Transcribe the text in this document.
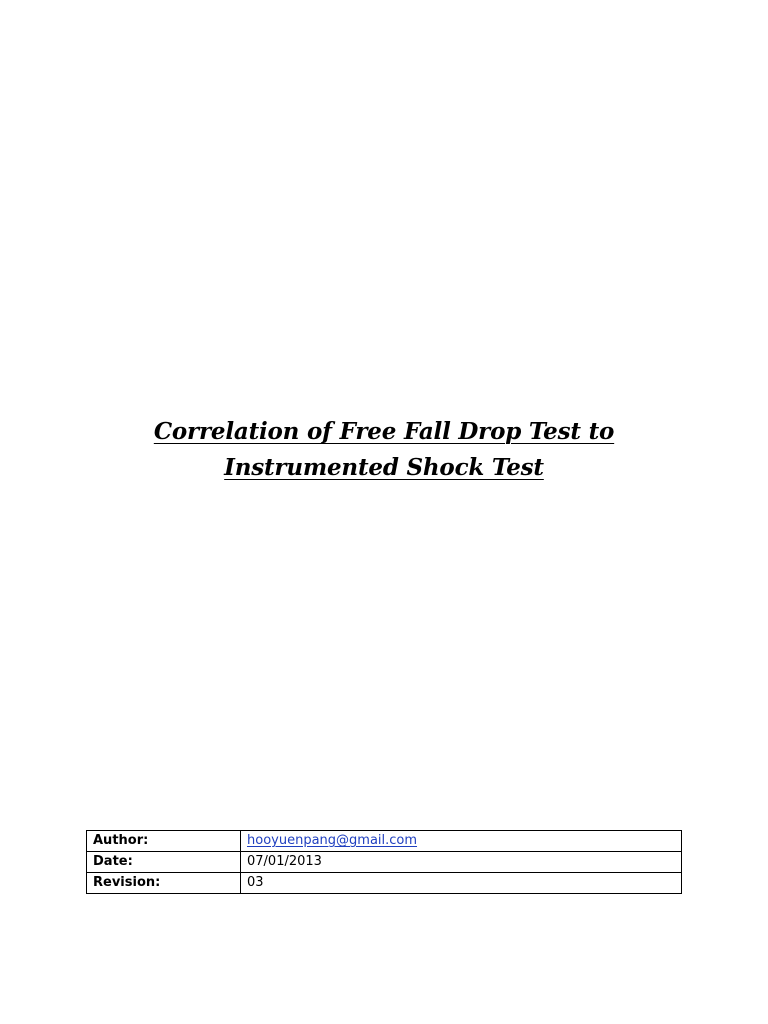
Correlation of Free Fall Drop Test to
Instrumented Shock Test
Author:	hooyuenpang@gmail.com
Date:	07/01/2013
Revision:	03
